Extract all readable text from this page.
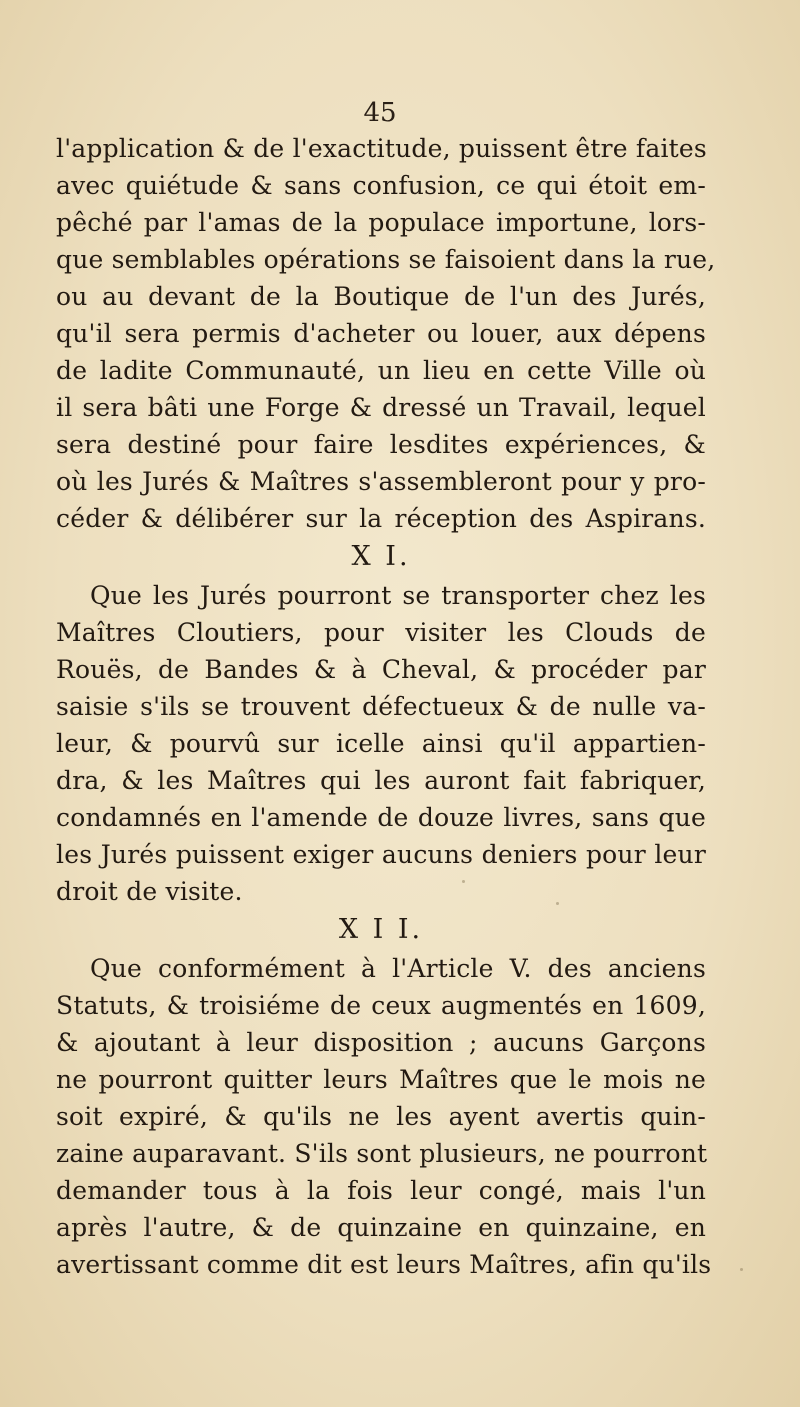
45
l'application & de l'exactitude, puissent être faites
avec quiétude & sans confusion, ce qui étoit em-
pêché par l'amas de la populace importune, lors-
que semblables opérations se faisoient dans la rue,
ou au devant de la Boutique de l'un des Jurés,
qu'il sera permis d'acheter ou louer, aux dépens
de ladite Communauté, un lieu en cette Ville où
il sera bâti une Forge & dressé un Travail, lequel
sera destiné pour faire lesdites expériences, &
où les Jurés & Maîtres s'assembleront pour y pro-
céder & délibérer sur la réception des Aspirans.
X I.
Que les Jurés pourront se transporter chez les
Maîtres Cloutiers, pour visiter les Clouds de
Rouës, de Bandes & à Cheval, & procéder par
saisie s'ils se trouvent défectueux & de nulle va-
leur, & pourvû sur icelle ainsi qu'il appartien-
dra, & les Maîtres qui les auront fait fabriquer,
condamnés en l'amende de douze livres, sans que
les Jurés puissent exiger aucuns deniers pour leur
droit de visite.
X I I.
Que conformément à l'Article V. des anciens
Statuts, & troisiéme de ceux augmentés en 1609,
& ajoutant à leur disposition ; aucuns Garçons
ne pourront quitter leurs Maîtres que le mois ne
soit expiré, & qu'ils ne les ayent avertis quin-
zaine auparavant. S'ils sont plusieurs, ne pourront
demander tous à la fois leur congé, mais l'un
après l'autre, & de quinzaine en quinzaine, en
avertissant comme dit est leurs Maîtres, afin qu'ils
